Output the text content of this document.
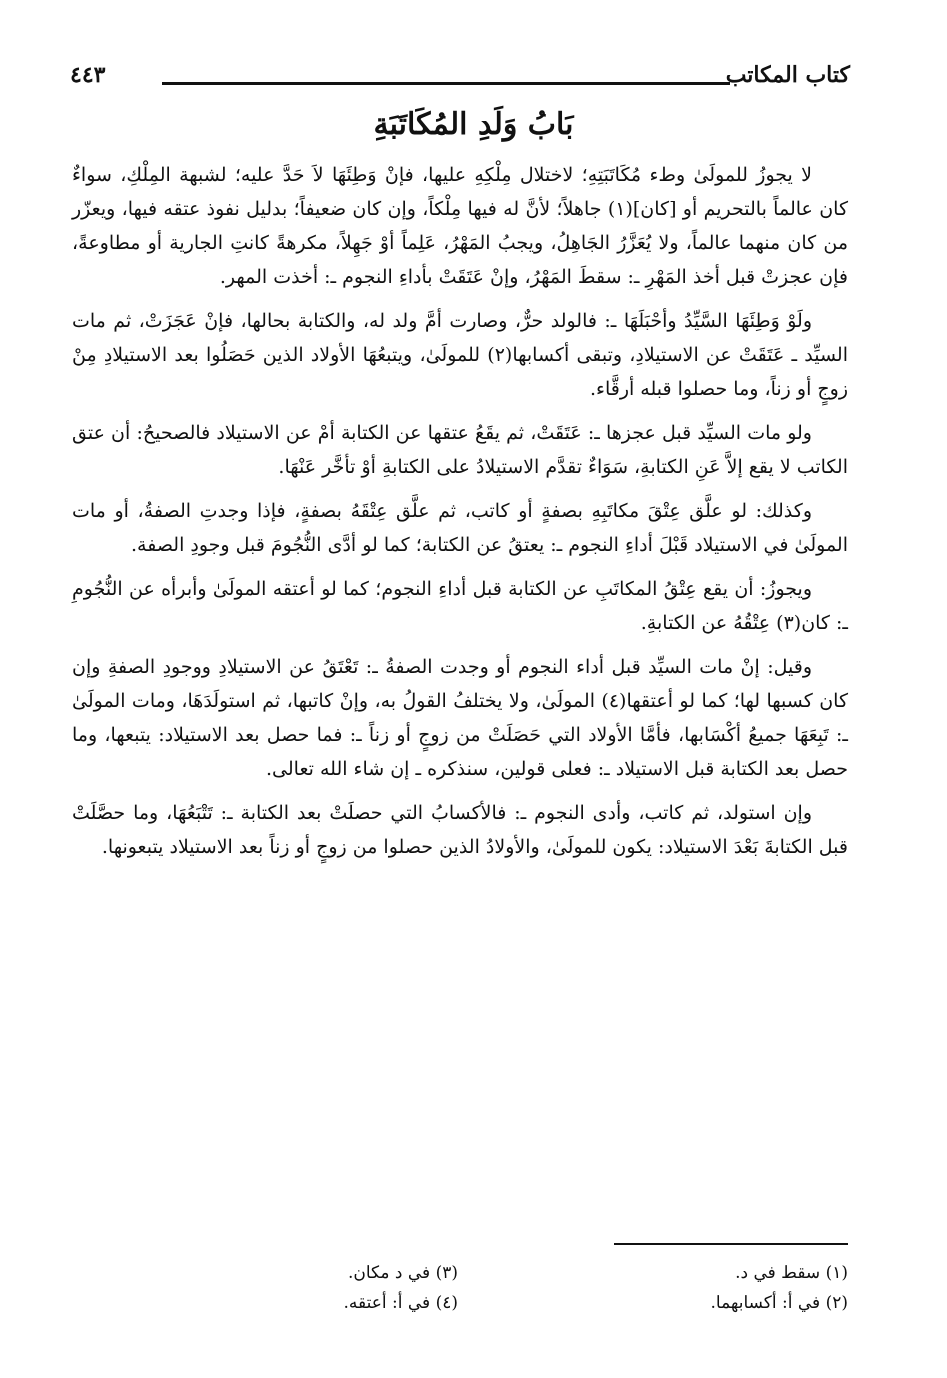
كتاب المكاتب
٤٤٣
بَابُ وَلَدِ المُكَاتَبَةِ

لا يجوزُ للمولَىٰ وطء مُكَاتَبَتِهِ؛ لاختلال مِلْكِهِ عليها، فإنْ وَطِئَهَا لاَ حَدَّ عليه؛ لشبهة المِلْكِ، سواءٌ كان عالماً بالتحريم أو [كان](١) جاهلاً؛ لأنَّ له فيها مِلْكاً، وإن كان ضعيفاً؛ بدليل نفوذ عتقه فيها، ويعزّر من كان منهما عالماً، ولا يُعَزَّرُ الجَاهِلُ، ويجبُ المَهْرُ، عَلِماً أوْ جَهِلاً، مكرهةً كانتِ الجارية أو مطاوعةً، فإن عجزتْ قبل أخذ المَهْرِ ـ: سقطَ المَهْرُ، وإنْ عَتَقَتْ بأداءِ النجوم ـ: أخذت المهر.

ولَوْ وَطِئَهَا السَّيِّدُ وأحْبَلَهَا ـ: فالولد حرٌّ، وصارت أمَّ ولد له، والكتابة بحالها، فإنْ عَجَزَتْ، ثم مات السيِّد ـ عَتَقَتْ عن الاستيلادِ، وتبقى أكسابها(٢) للمولَىٰ، ويتبعُهَا الأولاد الذين حَصَلُوا بعد الاستيلادِ مِنْ زوجٍ أو زناً، وما حصلوا قبله أرقَّاء.

ولو مات السيِّد قبل عجزها ـ: عَتَقَتْ، ثم يقَعُ عتقها عن الكتابة أمْ عن الاستيلاد فالصحيحُ: أن عتق الكاتب لا يقع إلاَّ عَنِ الكتابةِ، سَوَاءٌ تقدَّم الاستيلادُ على الكتابةِ أوْ تأخَّر عَنْهَا.

وكذلك: لو علَّق عِتْقَ مكاتَبِهِ بصفةٍ أو كاتب، ثم علَّق عِتْقَهُ بصفةٍ، فإذا وجدتِ الصفةُ، أو مات المولَىٰ في الاستيلاد قَبْلَ أداءِ النجوم ـ: يعتقُ عن الكتابة؛ كما لو أدَّى النُّجُومَ قبل وجودِ الصفة.

ويجوزُ: أن يقع عِتْقُ المكاتَبِ عن الكتابة قبل أداءِ النجوم؛ كما لو أعتقه المولَىٰ وأبرأه عن النُّجُومِ ـ: كان(٣) عِتْقُهُ عن الكتابةِ.

وقيل: إنْ مات السيِّد قبل أداء النجوم أو وجدت الصفةُ ـ: تَعْتَقُ عن الاستيلادِ ووجودِ الصفةِ وإن كان كسبها لها؛ كما لو أعتقها(٤) المولَىٰ، ولا يختلفُ القولُ به، وإنْ كاتبها، ثم استولَدَهَا، ومات المولَىٰ ـ: تَبِعَهَا جميعُ أكْسَابها، فأمَّا الأولاد التي حَصَلَتْ من زوجٍ أو زناً ـ: فما حصل بعد الاستيلاد: يتبعها، وما حصل بعد الكتابة قبل الاستيلاد ـ: فعلى قولين، سنذكره ـ إن شاء الله تعالى.

وإن استولد، ثم كاتب، وأدى النجوم ـ: فالأكسابُ التي حصلَتْ بعد الكتابة ـ: تَتْبَعُهَا، وما حصَّلَتْ قبل الكتابةَ بَعْدَ الاستيلاد: يكون للمولَىٰ، والأولادُ الذين حصلوا من زوجٍ أو زناً بعد الاستيلاد يتبعونها.

(١) سقط في د.
(٢) في أ: أكسابهما.
(٣) في د مكان.
(٤) في أ: أعتقه.
